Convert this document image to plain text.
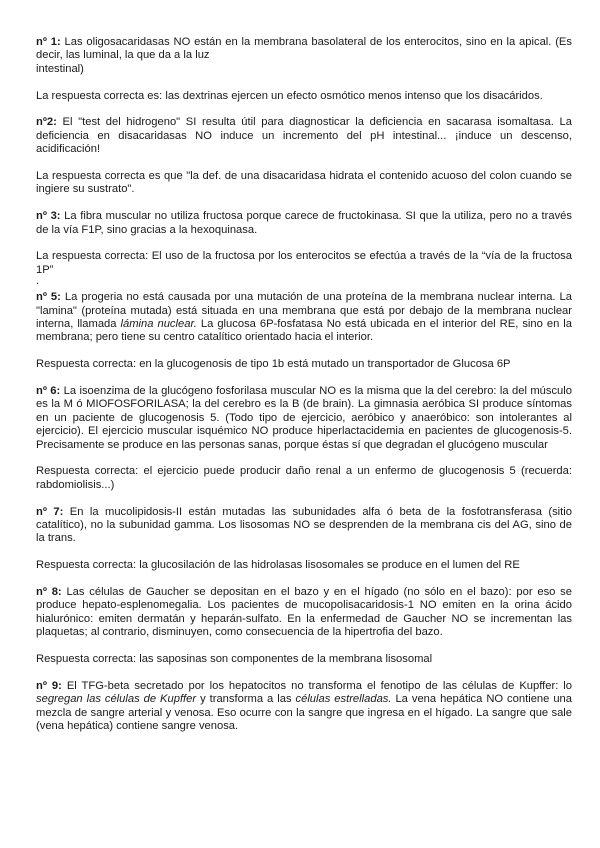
nº 1: Las oligosacaridasas NO están en la membrana basolateral de los enterocitos, sino en la apical. (Es decir, las luminal, la que da a la luz
intestinal)

La respuesta correcta es: las dextrinas ejercen un efecto osmótico menos intenso que los disacáridos.

nº2: El "test del hidrogeno" SI resulta útil para diagnosticar la deficiencia en sacarasa isomaltasa. La deficiencia en disacaridasas NO induce un incremento del pH intestinal... ¡induce un descenso, acidificación!

La respuesta correcta es que "la def. de una disacaridasa hidrata el contenido acuoso del colon cuando se ingiere su sustrato".

nº 3: La fibra muscular no utiliza fructosa porque carece de fructokinasa. SI que la utiliza, pero no a través de la vía F1P, sino gracias a la hexoquinasa.

La respuesta correcta: El uso de la fructosa por los enterocitos se efectúa a través de la “vía de la fructosa 1P”

.

nº 5: La progeria no está causada por una mutación de una proteína de la membrana nuclear interna. La "lamina" (proteína mutada) está situada en una membrana que está por debajo de la membrana nuclear interna, llamada lámina nuclear. La glucosa 6P-fosfatasa No está ubicada en el interior del RE, sino en la membrana; pero tiene su centro catalítico orientado hacia el interior.

Respuesta correcta: en la glucogenosis de tipo 1b está mutado un transportador de Glucosa 6P

nº 6: La isoenzima de la glucógeno fosforilasa muscular NO es la misma que la del cerebro: la del músculo es la M ó MIOFOSFORILASA; la del cerebro es la B (de brain). La gimnasia aeróbica SI produce síntomas en un paciente de glucogenosis 5. (Todo tipo de ejercicio, aeróbico y anaeróbico: son intolerantes al ejercicio). El ejercicio muscular isquémico NO produce hiperlactacidemia en pacientes de glucogenosis-5. Precisamente se produce en las personas sanas, porque éstas sí que degradan el glucógeno muscular

Respuesta correcta: el ejercicio puede producir daño renal a un enfermo de glucogenosis 5 (recuerda: rabdomiolisis...)

nº 7: En la mucolipidosis-II están mutadas las subunidades alfa ó beta de la fosfotransferasa (sitio catalítico), no la subunidad gamma. Los lisosomas NO se desprenden de la membrana cis del AG, sino de la trans.

Respuesta correcta: la glucosilación de las hidrolasas lisosomales se produce en el lumen del RE

nº 8: Las células de Gaucher se depositan en el bazo y en el hígado (no sólo en el bazo): por eso se produce hepato-esplenomegalia. Los pacientes de mucopolisacaridosis-1 NO emiten en la orina ácido hialurónico: emiten dermatán y heparán-sulfato. En la enfermedad de Gaucher NO se incrementan las plaquetas; al contrario, disminuyen, como consecuencia de la hipertrofia del bazo.

Respuesta correcta: las saposinas son componentes de la membrana lisosomal

nº 9: El TFG-beta secretado por los hepatocitos no transforma el fenotipo de las células de Kupffer: lo segregan las células de Kupffer y transforma a las células estrelladas. La vena hepática NO contiene una mezcla de sangre arterial y venosa. Eso ocurre con la sangre que ingresa en el hígado. La sangre que sale (vena hepática) contiene sangre venosa.
